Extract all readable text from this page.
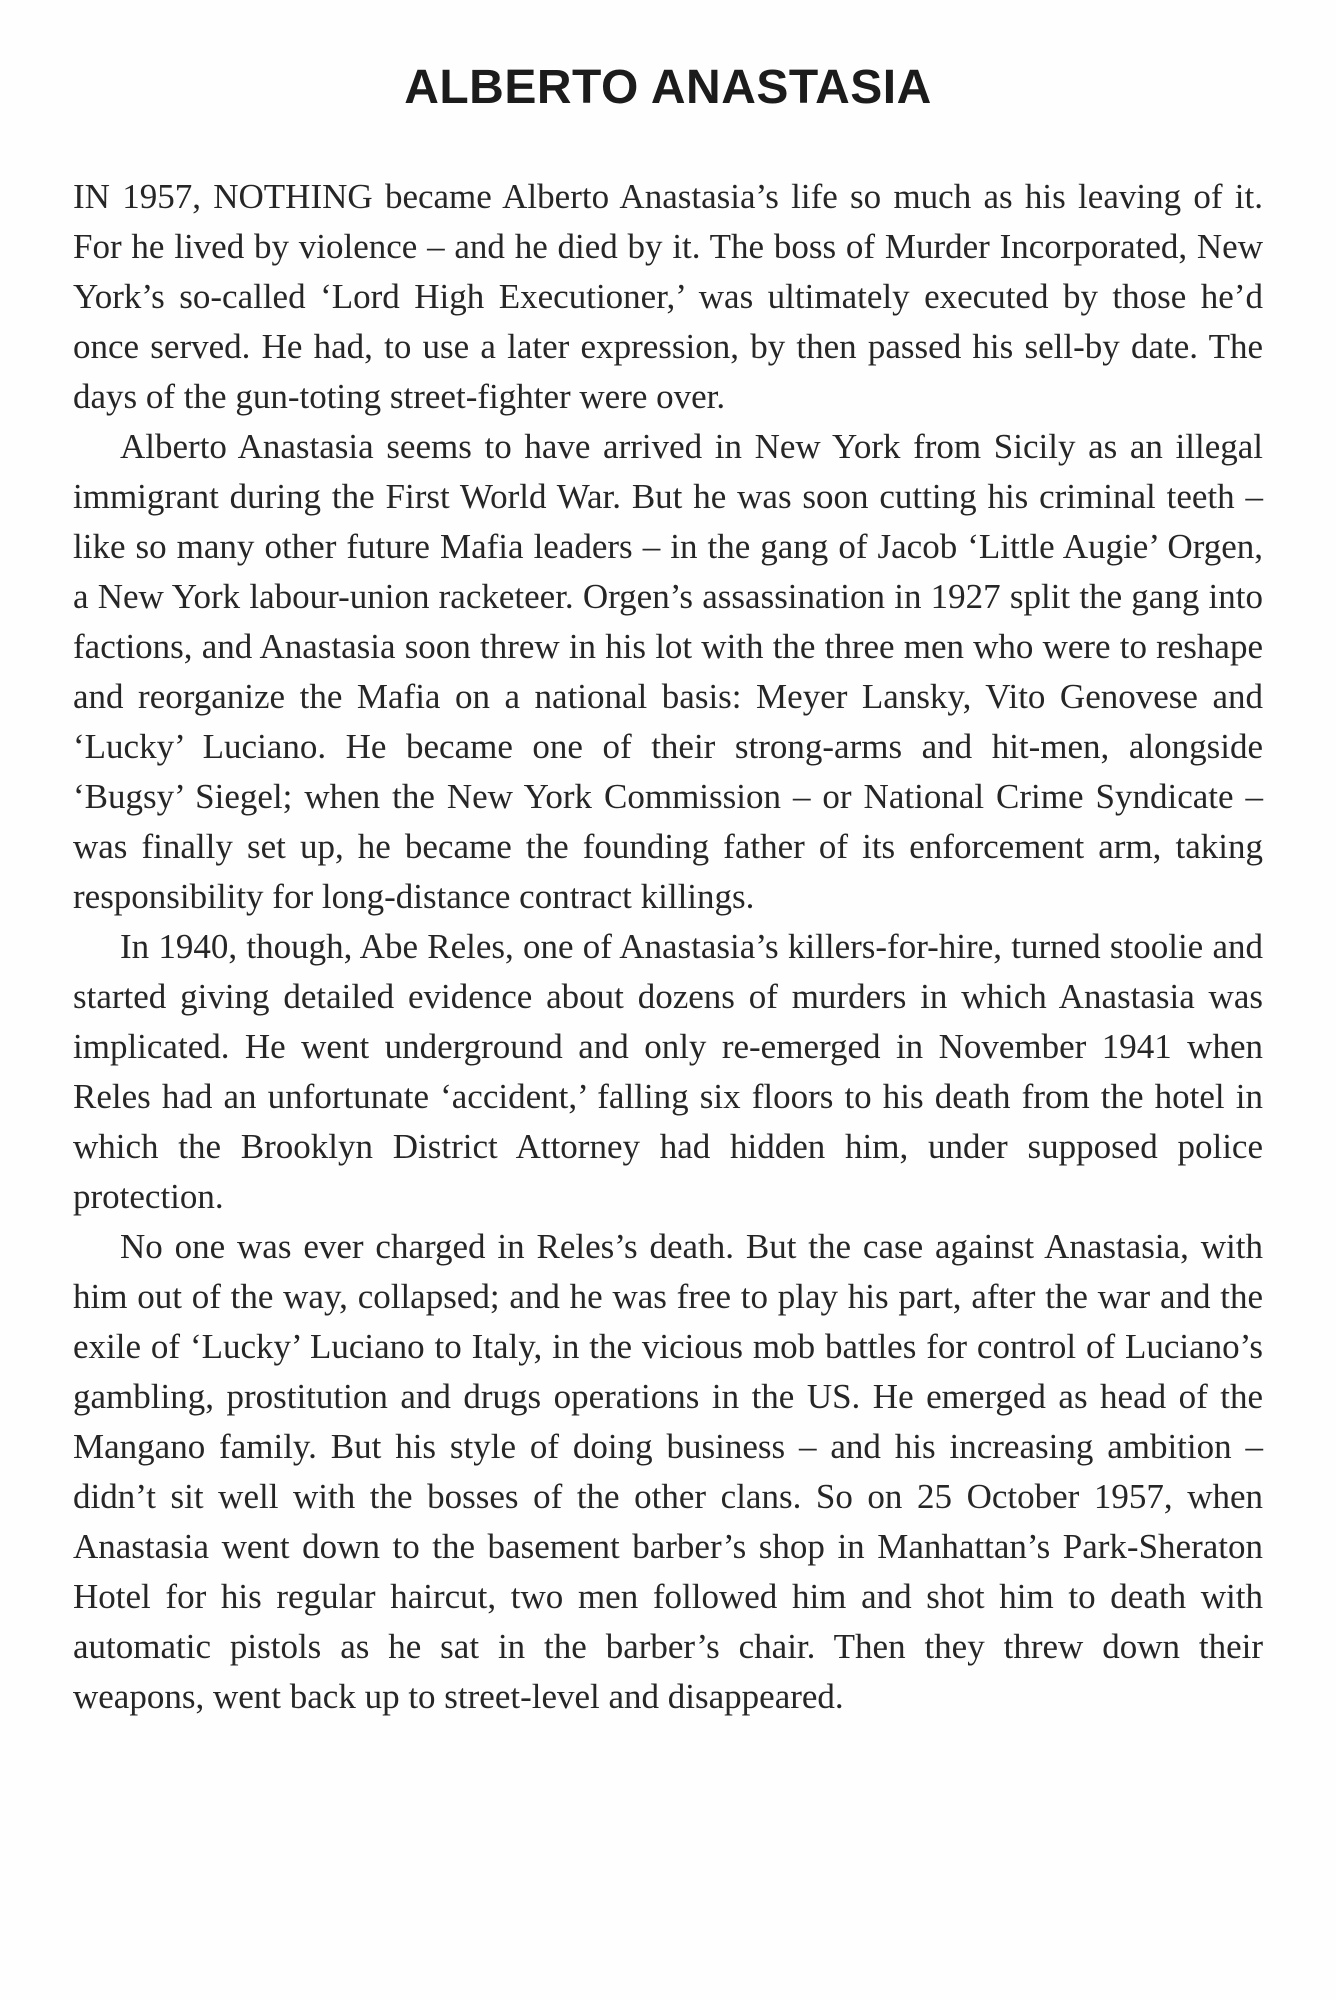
ALBERTO ANASTASIA

IN 1957, NOTHING became Alberto Anastasia’s life so much as his leaving of it. For he lived by violence – and he died by it. The boss of Murder Incorporated, New York’s so-called ‘Lord High Executioner,’ was ultimately executed by those he’d once served. He had, to use a later expression, by then passed his sell-by date. The days of the gun-toting street-fighter were over.

Alberto Anastasia seems to have arrived in New York from Sicily as an illegal immigrant during the First World War. But he was soon cutting his criminal teeth – like so many other future Mafia leaders – in the gang of Jacob ‘Little Augie’ Orgen, a New York labour-union racketeer. Orgen’s assassination in 1927 split the gang into factions, and Anastasia soon threw in his lot with the three men who were to reshape and reorganize the Mafia on a national basis: Meyer Lansky, Vito Genovese and ‘Lucky’ Luciano. He became one of their strong-arms and hit-men, alongside ‘Bugsy’ Siegel; when the New York Commission – or National Crime Syndicate – was finally set up, he became the founding father of its enforcement arm, taking responsibility for long-distance contract killings.

In 1940, though, Abe Reles, one of Anastasia’s killers-for-hire, turned stoolie and started giving detailed evidence about dozens of murders in which Anastasia was implicated. He went underground and only re-emerged in November 1941 when Reles had an unfortunate ‘accident,’ falling six floors to his death from the hotel in which the Brooklyn District Attorney had hidden him, under supposed police protection.

No one was ever charged in Reles’s death. But the case against Anastasia, with him out of the way, collapsed; and he was free to play his part, after the war and the exile of ‘Lucky’ Luciano to Italy, in the vicious mob battles for control of Luciano’s gambling, prostitution and drugs operations in the US. He emerged as head of the Mangano family. But his style of doing business – and his increasing ambition – didn’t sit well with the bosses of the other clans. So on 25 October 1957, when Anastasia went down to the basement barber’s shop in Manhattan’s Park-Sheraton Hotel for his regular haircut, two men followed him and shot him to death with automatic pistols as he sat in the barber’s chair. Then they threw down their weapons, went back up to street-level and disappeared.
